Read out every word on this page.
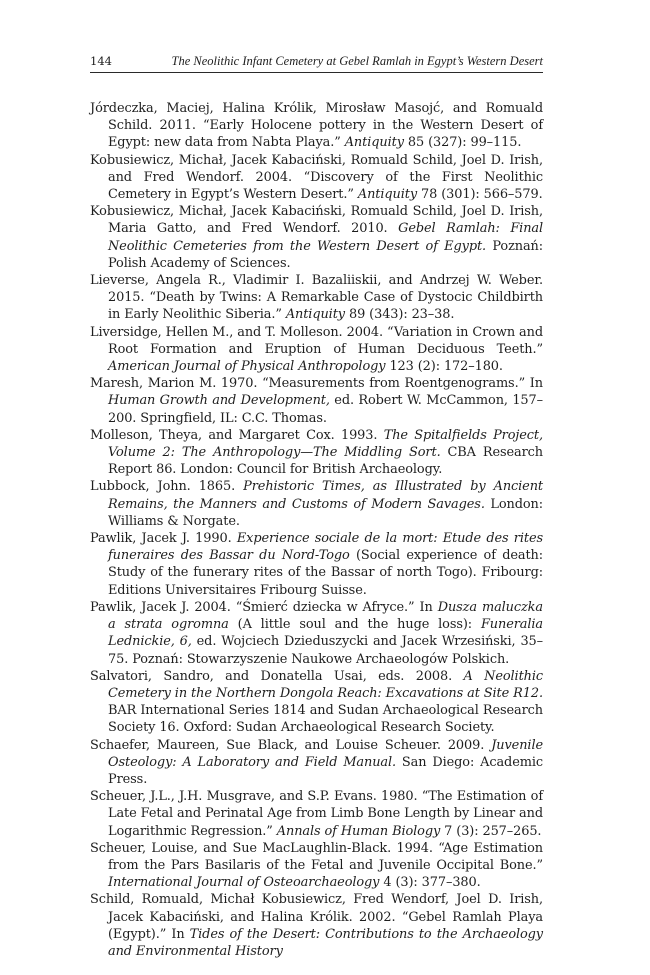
144	The Neolithic Infant Cemetery at Gebel Ramlah in Egypt’s Western Desert

Jórdeczka, Maciej, Halina Królik, Mirosław Masojć, and Romuald Schild. 2011. “Early Holocene pottery in the Western Desert of Egypt: new data from Nabta Playa.” Antiquity 85 (327): 99–115.

Kobusiewicz, Michał, Jacek Kabaciński, Romuald Schild, Joel D. Irish, and Fred Wendorf. 2004. “Discovery of the First Neolithic Cemetery in Egypt’s Western Desert.” Antiquity 78 (301): 566–579.

Kobusiewicz, Michał, Jacek Kabaciński, Romuald Schild, Joel D. Irish, Maria Gatto, and Fred Wendorf. 2010. Gebel Ramlah: Final Neolithic Cemeteries from the Western Desert of Egypt. Poznań: Polish Academy of Sciences.

Lieverse, Angela R., Vladimir I. Bazaliiskii, and Andrzej W. Weber. 2015. “Death by Twins: A Remarkable Case of Dystocic Childbirth in Early Neolithic Siberia.” Antiquity 89 (343): 23–38.

Liversidge, Hellen M., and T. Molleson. 2004. “Variation in Crown and Root Formation and Eruption of Human Deciduous Teeth.” American Journal of Physical Anthropology 123 (2): 172–180.

Maresh, Marion M. 1970. “Measurements from Roentgenograms.” In Human Growth and Development, ed. Robert W. McCammon, 157–200. Springfield, IL: C.C. Thomas.

Molleson, Theya, and Margaret Cox. 1993. The Spitalfields Project, Volume 2: The Anthropology—The Middling Sort. CBA Research Report 86. London: Council for British Archaeology.

Lubbock, John. 1865. Prehistoric Times, as Illustrated by Ancient Remains, the Manners and Customs of Modern Savages. London: Williams & Norgate.

Pawlik, Jacek J. 1990. Experience sociale de la mort: Etude des rites funeraires des Bassar du Nord-Togo (Social experience of death: Study of the funerary rites of the Bassar of north Togo). Fribourg: Editions Universitaires Fribourg Suisse.

Pawlik, Jacek J. 2004. “Śmierć dziecka w Afryce.” In Dusza maluczka a strata ogromna (A little soul and the huge loss): Funeralia Lednickie, 6, ed. Wojciech Dzieduszycki and Jacek Wrzesiński, 35–75. Poznań: Stowarzyszenie Naukowe Archaeologów Polskich.

Salvatori, Sandro, and Donatella Usai, eds. 2008. A Neolithic Cemetery in the Northern Dongola Reach: Excavations at Site R12. BAR International Series 1814 and Sudan Archaeological Research Society 16. Oxford: Sudan Archaeological Research Society.

Schaefer, Maureen, Sue Black, and Louise Scheuer. 2009. Juvenile Osteology: A Laboratory and Field Manual. San Diego: Academic Press.

Scheuer, J.L., J.H. Musgrave, and S.P. Evans. 1980. “The Estimation of Late Fetal and Perinatal Age from Limb Bone Length by Linear and Logarithmic Regression.” Annals of Human Biology 7 (3): 257–265.

Scheuer, Louise, and Sue MacLaughlin-Black. 1994. “Age Estimation from the Pars Basilaris of the Fetal and Juvenile Occipital Bone.” International Journal of Osteoarchaeology 4 (3): 377–380.

Schild, Romuald, Michał Kobusiewicz, Fred Wendorf, Joel D. Irish, Jacek Kabaciński, and Halina Królik. 2002. “Gebel Ramlah Playa (Egypt).” In Tides of the Desert: Contributions to the Archaeology and Environmental History
